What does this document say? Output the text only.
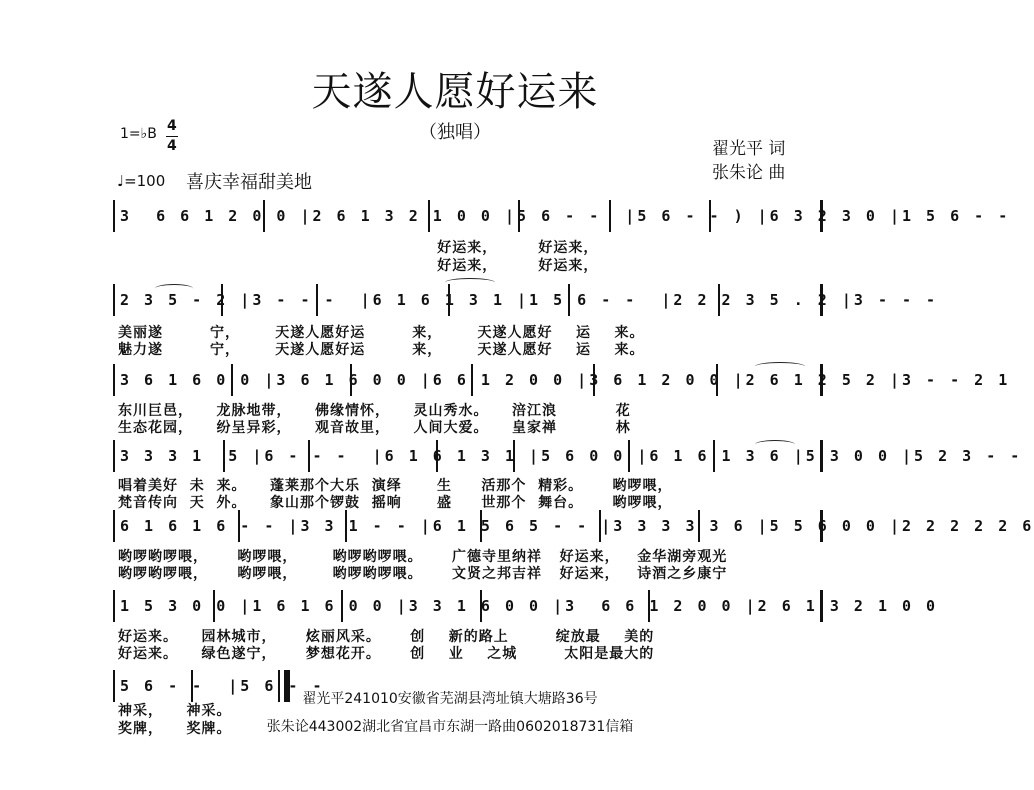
天遂人愿好运来
（独唱）
翟光平 词
张朱论 曲
1=♭B 4
4
♩=100 喜庆幸福甜美地
3  6 6 1 2 0 0 |2 6 1 3 2 1 0 0 |5 6 - -  |5 6 - - ) |6 3 2 3 0 |1 5 6 - -
好运来，       好运来，
好运来，       好运来，
2 3 5 - 2 |3 - - -  |6 1 6 1 3 1 |1 5 6 - -  |2 2 2 3 5 . 2 |3 - - -
美丽遂        宁，      天遂人愿好运        来，      天遂人愿好    运    来。
魅力遂        宁，      天遂人愿好运        来，      天遂人愿好    运    来。
3 6 1 6 0 0 |3 6 1 6 0 0 |6 6 1 2 0 0 |3 6 1 2 0 0 |2 6 1 2 5 2 |3 - - 2 1
东川巨邑，    龙脉地带，    佛缘情怀，    灵山秀水。    涪江浪          花
生态花园，    纷呈异彩，    观音故里，    人间大爱。    皇家禅          林
3 3 3 1  5 |6 - - -  |6 1 6 1 3 1 |5 6 0 0 |6 1 6 1 3 6 |5 3 0 0 |5 2 3 - -
唱着美好  未  来。    蓬莱那个大乐  演绎      生     活那个  精彩。     哟啰喂，
梵音传向  天  外。    象山那个锣鼓  摇响      盛     世那个  舞台。     哟啰喂，
6 1 6 1 6 - - |3 3 1 - - |6 1 5 6 5 - - |3 3 3 3 3 6 |5 5 6 0 0 |2 2 2 2 2 6
哟啰哟啰喂，     哟啰喂，      哟啰哟啰喂。     广德寺里纳祥   好运来，   金华湖旁观光
哟啰哟啰喂，     哟啰喂，      哟啰哟啰喂。     文贤之邦吉祥   好运来，   诗酒之乡康宁
1 5 3 0 0 |1 6 1 6 0 0 |3 3 1 6 0 0 |3  6 6 1 2 0 0 |2 6 1 3 2 1 0 0
好运来。    园林城市，     炫丽风采。     创    新的路上        绽放最    美的
好运来。    绿色遂宁，     梦想花开。     创    业    之城        太阳是最大的
5 6 - -  |5 6 - -
神采，    神采。
奖牌，    奖牌。
翟光平241010安徽省芜湖县湾址镇大塘路36号
张朱论443002湖北省宜昌市东湖一路曲0602018731信箱
